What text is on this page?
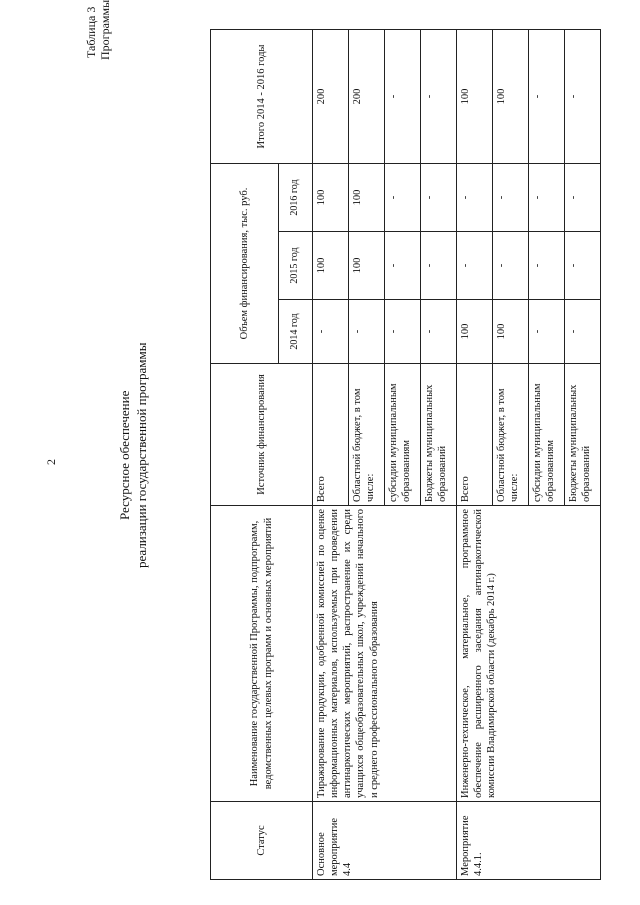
2
Таблица 3 Программы
Ресурсное обеспечение реализации государственной программы
Статус	Наименование государственной Программы, подпрограмм, ведомственных целевых программ и основных мероприятий	Источник финансирования	Объем финансирования, тыс. руб.			Итого 2014 - 2016 годы
			2014 год	2015 год	2016 год	
Основное мероприятие 4.4	Тиражирование продукции, одобренной комиссией по оценке информационных материалов, используемых при проведении антинаркотических мероприятий, распространение их среди учащихся общеобразовательных школ, учреждений начального и среднего профессионального образования	Всего	-	100	100	200
		Областной бюджет, в том числе:	-	100	100	200
		субсидии муниципальным образованиям	-	-	-	-
		Бюджеты муниципальных образований	-	-	-	-
Мероприятие 4.4.1.	Инженерно-техническое, материальное, программное обеспечение расширенного заседания антинаркотической комиссии Владимирской области (декабрь 2014 г.)	Всего	100	-	-	100
		Областной бюджет, в том числе:	100	-	-	100
		субсидии муниципальным образованиям	-	-	-	-
		Бюджеты муниципальных образований	-	-	-	-
